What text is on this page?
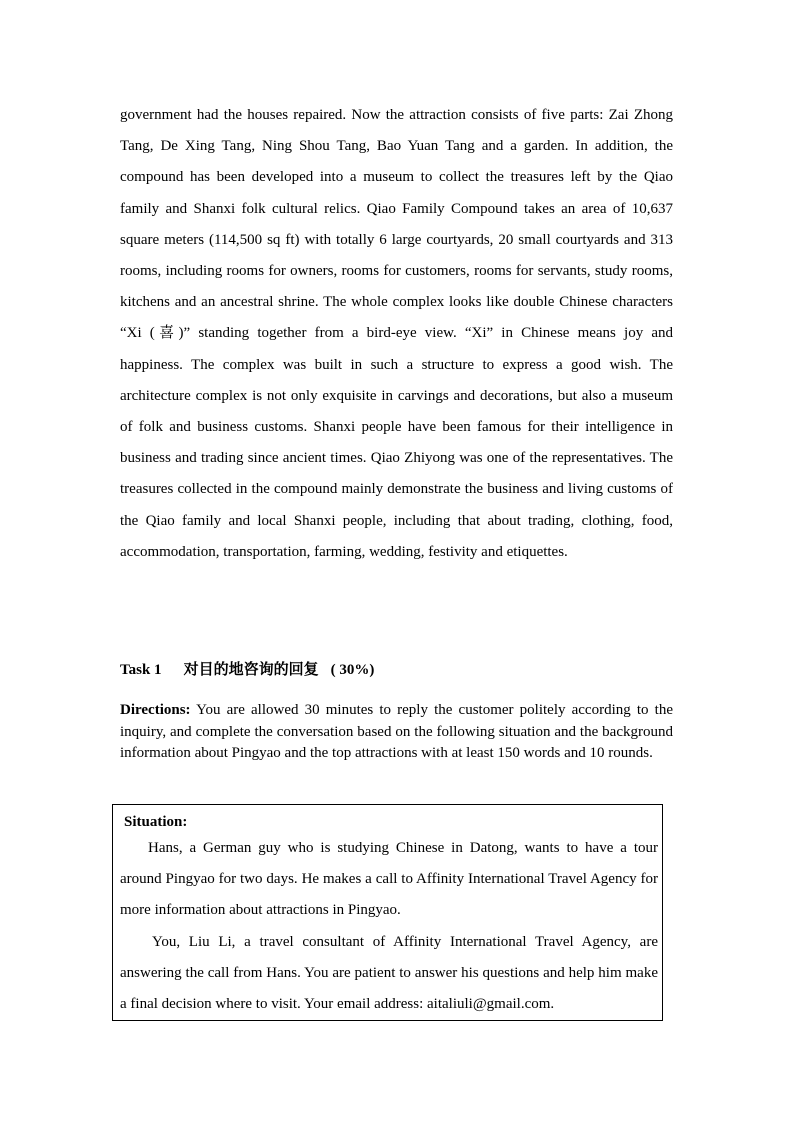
government had the houses repaired. Now the attraction consists of five parts: Zai Zhong Tang, De Xing Tang, Ning Shou Tang, Bao Yuan Tang and a garden. In addition, the compound has been developed into a museum to collect the treasures left by the Qiao family and Shanxi folk cultural relics. Qiao Family Compound takes an area of 10,637 square meters (114,500 sq ft) with totally 6 large courtyards, 20 small courtyards and 313 rooms, including rooms for owners, rooms for customers, rooms for servants, study rooms, kitchens and an ancestral shrine. The whole complex looks like double Chinese characters “Xi (喜)” standing together from a bird-eye view. “Xi” in Chinese means joy and happiness. The complex was built in such a structure to express a good wish. The architecture complex is not only exquisite in carvings and decorations, but also a museum of folk and business customs. Shanxi people have been famous for their intelligence in business and trading since ancient times. Qiao Zhiyong was one of the representatives. The treasures collected in the compound mainly demonstrate the business and living customs of the Qiao family and local Shanxi people, including that about trading, clothing, food, accommodation, transportation, farming, wedding, festivity and etiquettes.

Task 1 对目的地咨询的回复 ( 30%)

Directions: You are allowed 30 minutes to reply the customer politely according to the inquiry, and complete the conversation based on the following situation and the background information about Pingyao and the top attractions with at least 150 words and 10 rounds.

Situation:

Hans, a German guy who is studying Chinese in Datong, wants to have a tour around Pingyao for two days. He makes a call to Affinity International Travel Agency for more information about attractions in Pingyao.

You, Liu Li, a travel consultant of Affinity International Travel Agency, are answering the call from Hans. You are patient to answer his questions and help him make a final decision where to visit. Your email address: aitaliuli@gmail.com.
